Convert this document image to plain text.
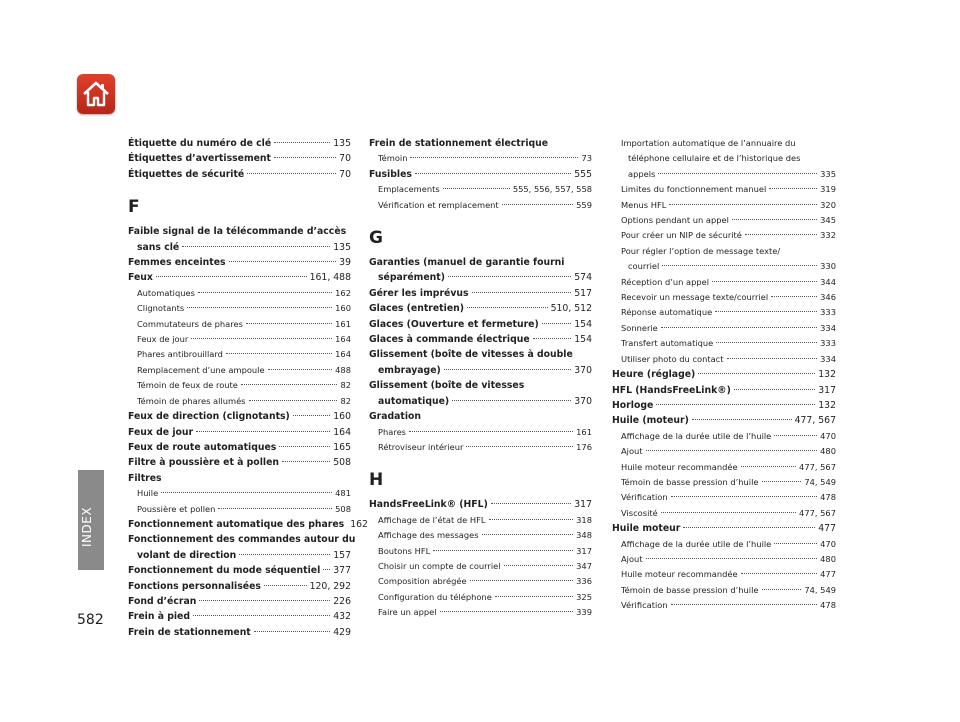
INDEX
582
Étiquette du numéro de clé	135
Étiquettes d’avertissement	70
Étiquettes de sécurité	70
F
Faible signal de la télécommande d’accès
sans clé	135
Femmes enceintes	39
Feux	161, 488
Automatiques	162
Clignotants	160
Commutateurs de phares	161
Feux de jour	164
Phares antibrouillard	164
Remplacement d’une ampoule	488
Témoin de feux de route	82
Témoin de phares allumés	82
Feux de direction (clignotants)	160
Feux de jour	164
Feux de route automatiques	165
Filtre à poussière et à pollen	508
Filtres
Huile	481
Poussière et pollen	508
Fonctionnement automatique des phares 162
Fonctionnement des commandes autour du
volant de direction	157
Fonctionnement du mode séquentiel 377
Fonctions personnalisées	120, 292
Fond d’écran	226
Frein à pied	432
Frein de stationnement	429
Frein de stationnement électrique
Témoin	73
Fusibles	555
Emplacements	555, 556, 557, 558
Vérification et remplacement	559
G
Garanties (manuel de garantie fourni
séparément)	574
Gérer les imprévus	517
Glaces (entretien)	510, 512
Glaces (Ouverture et fermeture)	154
Glaces à commande électrique	154
Glissement (boîte de vitesses à double
embrayage)	370
Glissement (boîte de vitesses
automatique)	370
Gradation
Phares	161
Rétroviseur intérieur	176
H
HandsFreeLink® (HFL)	317
Affichage de l’état de HFL	318
Affichage des messages	348
Boutons HFL	317
Choisir un compte de courriel	347
Composition abrégée	336
Configuration du téléphone	325
Faire un appel	339
Importation automatique de l’annuaire du
téléphone cellulaire et de l’historique des
appels	335
Limites du fonctionnement manuel	319
Menus HFL	320
Options pendant un appel	345
Pour créer un NIP de sécurité	332
Pour régler l’option de message texte/
courriel	330
Réception d’un appel	344
Recevoir un message texte/courriel	346
Réponse automatique	333
Sonnerie	334
Transfert automatique	333
Utiliser photo du contact	334
Heure (réglage)	132
HFL (HandsFreeLink®)	317
Horloge	132
Huile (moteur)	477, 567
Affichage de la durée utile de l’huile	470
Ajout	480
Huile moteur recommandée	477, 567
Témoin de basse pression d’huile	74, 549
Vérification	478
Viscosité	477, 567
Huile moteur	477
Affichage de la durée utile de l’huile	470
Ajout	480
Huile moteur recommandée	477
Témoin de basse pression d’huile	74, 549
Vérification	478
